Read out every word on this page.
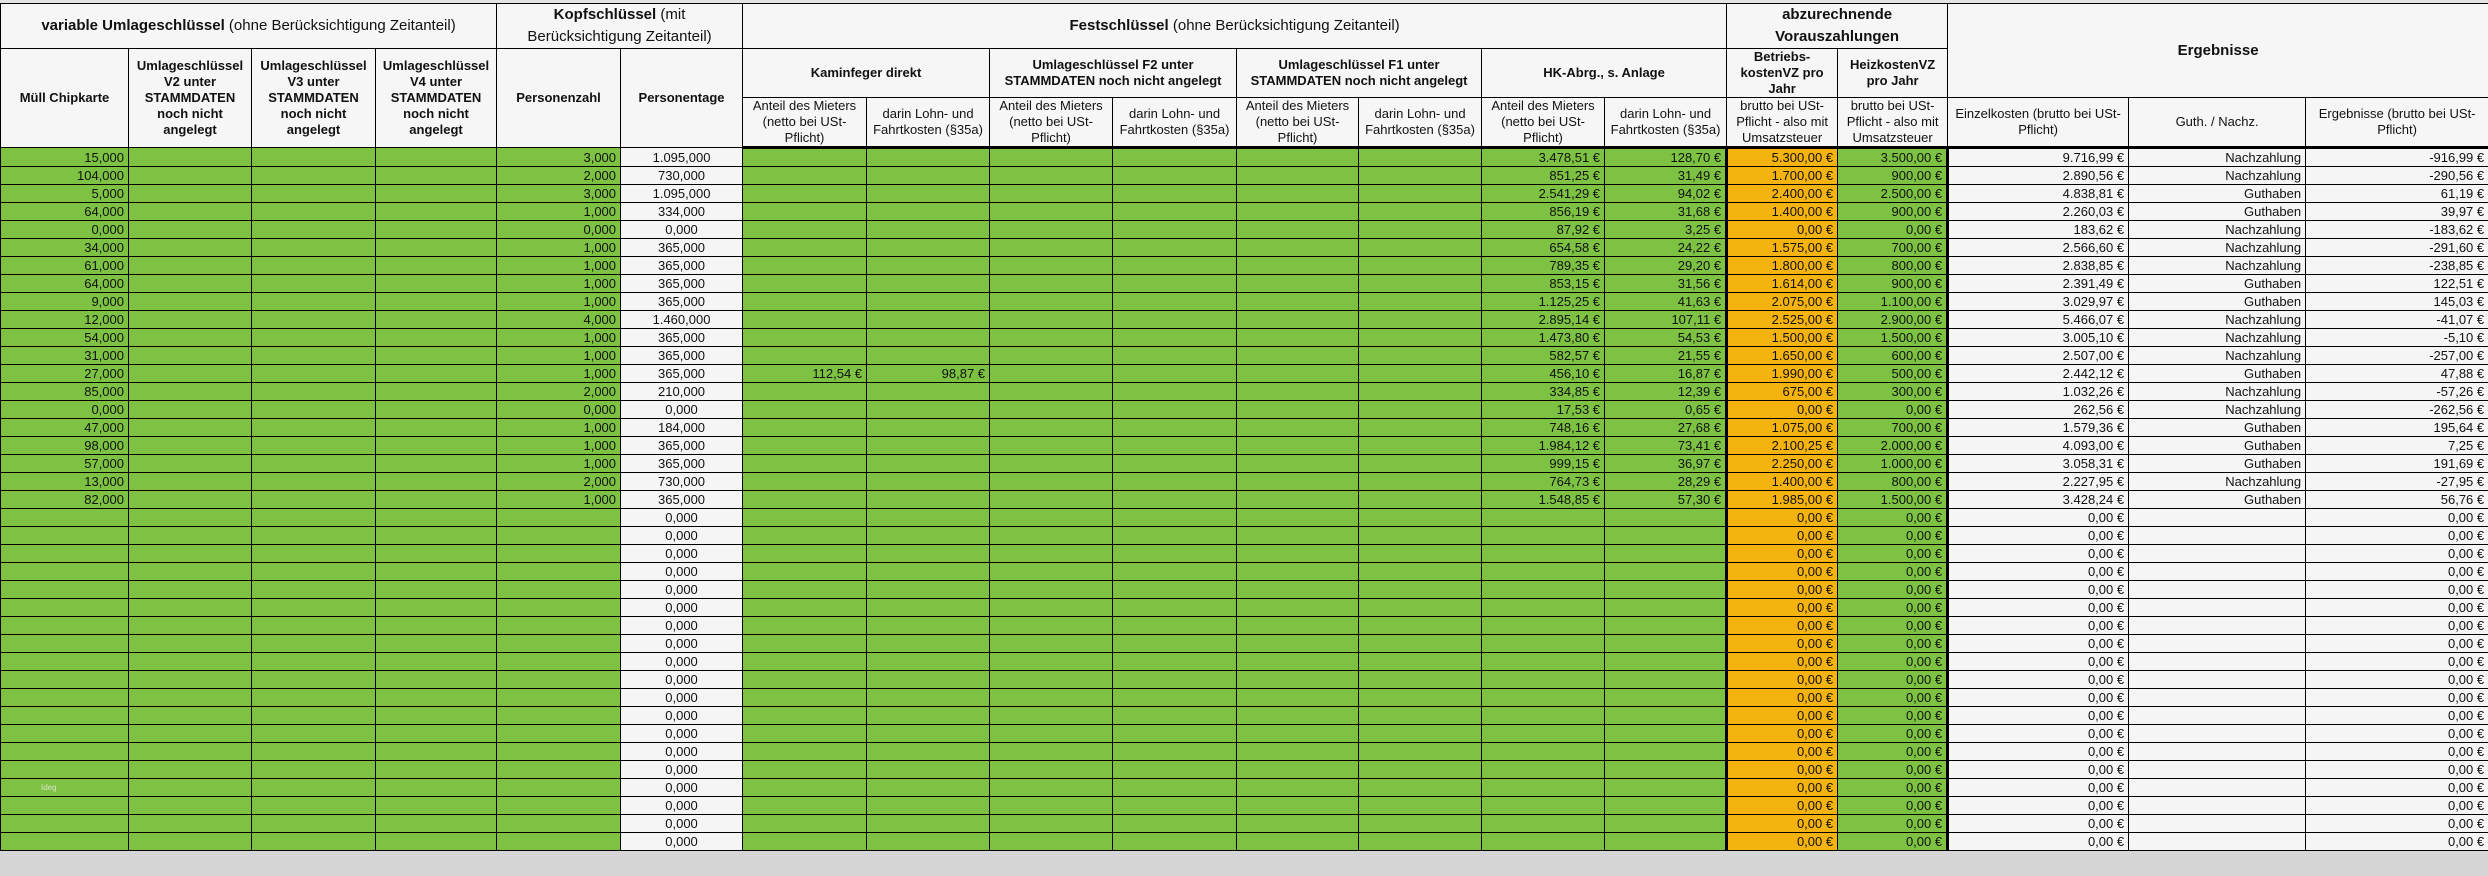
variable Umlageschlüssel (ohne Berücksichtigung Zeitanteil)				Kopfschlüssel (mit Berücksichtigung Zeitanteil)		Festschlüssel (ohne Berücksichtigung Zeitanteil)								abzurechnende Vorauszahlungen		Ergebnisse		
Müll Chipkarte	Umlageschlüssel V2 unter STAMMDATEN noch nicht angelegt	Umlageschlüssel V3 unter STAMMDATEN noch nicht angelegt	Umlageschlüssel V4 unter STAMMDATEN noch nicht angelegt	Personenzahl	Personentage	Kaminfeger direkt		Umlageschlüssel F2 unter STAMMDATEN noch nicht angelegt		Umlageschlüssel F1 unter STAMMDATEN noch nicht angelegt		HK-Abrg., s. Anlage		Betriebs-kostenVZ pro Jahr	HeizkostenVZ pro Jahr			
						Anteil des Mieters (netto bei USt-Pflicht)	darin Lohn- und Fahrtkosten (§35a)	Anteil des Mieters (netto bei USt-Pflicht)	darin Lohn- und Fahrtkosten (§35a)	Anteil des Mieters (netto bei USt-Pflicht)	darin Lohn- und Fahrtkosten (§35a)	Anteil des Mieters (netto bei USt-Pflicht)	darin Lohn- und Fahrtkosten (§35a)	brutto bei USt-Pflicht - also mit Umsatzsteuer	brutto bei USt-Pflicht - also mit Umsatzsteuer	Einzelkosten (brutto bei USt-Pflicht)	Guth. / Nachz.	Ergebnisse (brutto bei USt-Pflicht)
15,000				3,000	1.095,000							3.478,51 €	128,70 €	5.300,00 €	3.500,00 €	9.716,99 €	Nachzahlung	-916,99 €
104,000				2,000	730,000							851,25 €	31,49 €	1.700,00 €	900,00 €	2.890,56 €	Nachzahlung	-290,56 €
5,000				3,000	1.095,000							2.541,29 €	94,02 €	2.400,00 €	2.500,00 €	4.838,81 €	Guthaben	61,19 €
64,000				1,000	334,000							856,19 €	31,68 €	1.400,00 €	900,00 €	2.260,03 €	Guthaben	39,97 €
0,000				0,000	0,000							87,92 €	3,25 €	0,00 €	0,00 €	183,62 €	Nachzahlung	-183,62 €
34,000				1,000	365,000							654,58 €	24,22 €	1.575,00 €	700,00 €	2.566,60 €	Nachzahlung	-291,60 €
61,000				1,000	365,000							789,35 €	29,20 €	1.800,00 €	800,00 €	2.838,85 €	Nachzahlung	-238,85 €
64,000				1,000	365,000							853,15 €	31,56 €	1.614,00 €	900,00 €	2.391,49 €	Guthaben	122,51 €
9,000				1,000	365,000							1.125,25 €	41,63 €	2.075,00 €	1.100,00 €	3.029,97 €	Guthaben	145,03 €
12,000				4,000	1.460,000							2.895,14 €	107,11 €	2.525,00 €	2.900,00 €	5.466,07 €	Nachzahlung	-41,07 €
54,000				1,000	365,000							1.473,80 €	54,53 €	1.500,00 €	1.500,00 €	3.005,10 €	Nachzahlung	-5,10 €
31,000				1,000	365,000							582,57 €	21,55 €	1.650,00 €	600,00 €	2.507,00 €	Nachzahlung	-257,00 €
27,000				1,000	365,000	112,54 €	98,87 €					456,10 €	16,87 €	1.990,00 €	500,00 €	2.442,12 €	Guthaben	47,88 €
85,000				2,000	210,000							334,85 €	12,39 €	675,00 €	300,00 €	1.032,26 €	Nachzahlung	-57,26 €
0,000				0,000	0,000							17,53 €	0,65 €	0,00 €	0,00 €	262,56 €	Nachzahlung	-262,56 €
47,000				1,000	184,000							748,16 €	27,68 €	1.075,00 €	700,00 €	1.579,36 €	Guthaben	195,64 €
98,000				1,000	365,000							1.984,12 €	73,41 €	2.100,25 €	2.000,00 €	4.093,00 €	Guthaben	7,25 €
57,000				1,000	365,000							999,15 €	36,97 €	2.250,00 €	1.000,00 €	3.058,31 €	Guthaben	191,69 €
13,000				2,000	730,000							764,73 €	28,29 €	1.400,00 €	800,00 €	2.227,95 €	Nachzahlung	-27,95 €
82,000				1,000	365,000							1.548,85 €	57,30 €	1.985,00 €	1.500,00 €	3.428,24 €	Guthaben	56,76 €
					0,000									0,00 €	0,00 €	0,00 €		0,00 €
					0,000									0,00 €	0,00 €	0,00 €		0,00 €
					0,000									0,00 €	0,00 €	0,00 €		0,00 €
					0,000									0,00 €	0,00 €	0,00 €		0,00 €
					0,000									0,00 €	0,00 €	0,00 €		0,00 €
					0,000									0,00 €	0,00 €	0,00 €		0,00 €
					0,000									0,00 €	0,00 €	0,00 €		0,00 €
					0,000									0,00 €	0,00 €	0,00 €		0,00 €
					0,000									0,00 €	0,00 €	0,00 €		0,00 €
					0,000									0,00 €	0,00 €	0,00 €		0,00 €
					0,000									0,00 €	0,00 €	0,00 €		0,00 €
					0,000									0,00 €	0,00 €	0,00 €		0,00 €
					0,000									0,00 €	0,00 €	0,00 €		0,00 €
					0,000									0,00 €	0,00 €	0,00 €		0,00 €
					0,000									0,00 €	0,00 €	0,00 €		0,00 €

Ideg					0,000									0,00 €	0,00 €	0,00 €		0,00 €
					0,000									0,00 €	0,00 €	0,00 €		0,00 €
					0,000									0,00 €	0,00 €	0,00 €		0,00 €
					0,000									0,00 €	0,00 €	0,00 €		0,00 €
